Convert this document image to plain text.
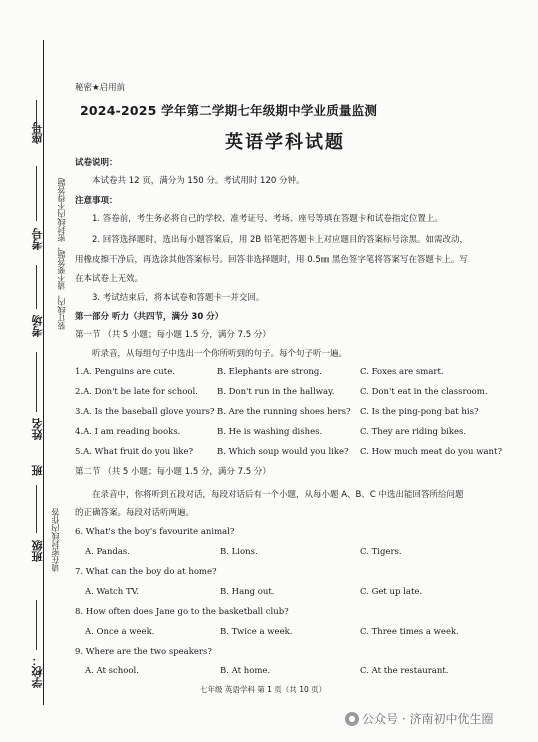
座号
装订线内，请不要答题，密封线内不得答题
考号
考场
姓名
班
请在密封线内作答
班级
学校：
秘密★启用前
2024-2025 学年第二学期七年级期中学业质量监测
英语学科试题
试卷说明：
本试卷共 12 页，满分为 150 分。考试用时 120 分钟。
注意事项：
1. 答卷前，考生务必将自己的学校、准考证号、考场、座号等填在答题卡和试卷指定位置上。
2. 回答选择题时，选出每小题答案后，用 2B 铅笔把答题卡上对应题目的答案标号涂黑。如需改动，
用橡皮擦干净后，再选涂其他答案标号。回答非选择题时，用 0.5㎜ 黑色签字笔将答案写在答题卡上。写
在本试卷上无效。
3. 考试结束后，将本试卷和答题卡一并交回。
第一部分 听力（共四节，满分 30 分）
第一节 （共 5 小题；每小题 1.5 分，满分 7.5 分）
听录音，从每组句子中选出一个你所听到的句子。每个句子听一遍。
1.A. Penguins are cute.	B. Elephants are strong.	C. Foxes are smart.
2.A. Don't be late for school. B. Don't run in the hallway.	C. Don't eat in the classroom.
3.A. Is the baseball glove yours? B. Are the running shoes hers? C. Is the ping-pong bat his?
4.A. I am reading books.	B. He is washing dishes.	C. They are riding bikes.
5.A. What fruit do you like?	B. Which soup would you like? C. How much meat do you want?
第二节 （共 5 小题；每小题 1.5 分，满分 7.5 分）
在录音中，你将听到五段对话，每段对话后有一个小题，从每小题 A、B、C 中选出能回答所给问题
的正确答案。每段对话听两遍。
6. What's the boy's favourite animal?
A. Pandas.	B. Lions.	C. Tigers.
7. What can the boy do at home?
A. Watch TV.	B. Hang out.	C. Get up late.
8. How often does Jane go to the basketball club?
A. Once a week.	B. Twice a week.	C. Three times a week.
9. Where are the two speakers?
A. At school.	B. At home.	C. At the restaurant.
七年级 英语学科 第 1 页（共 10 页）
● 公众号 · 济南初中优生圈
